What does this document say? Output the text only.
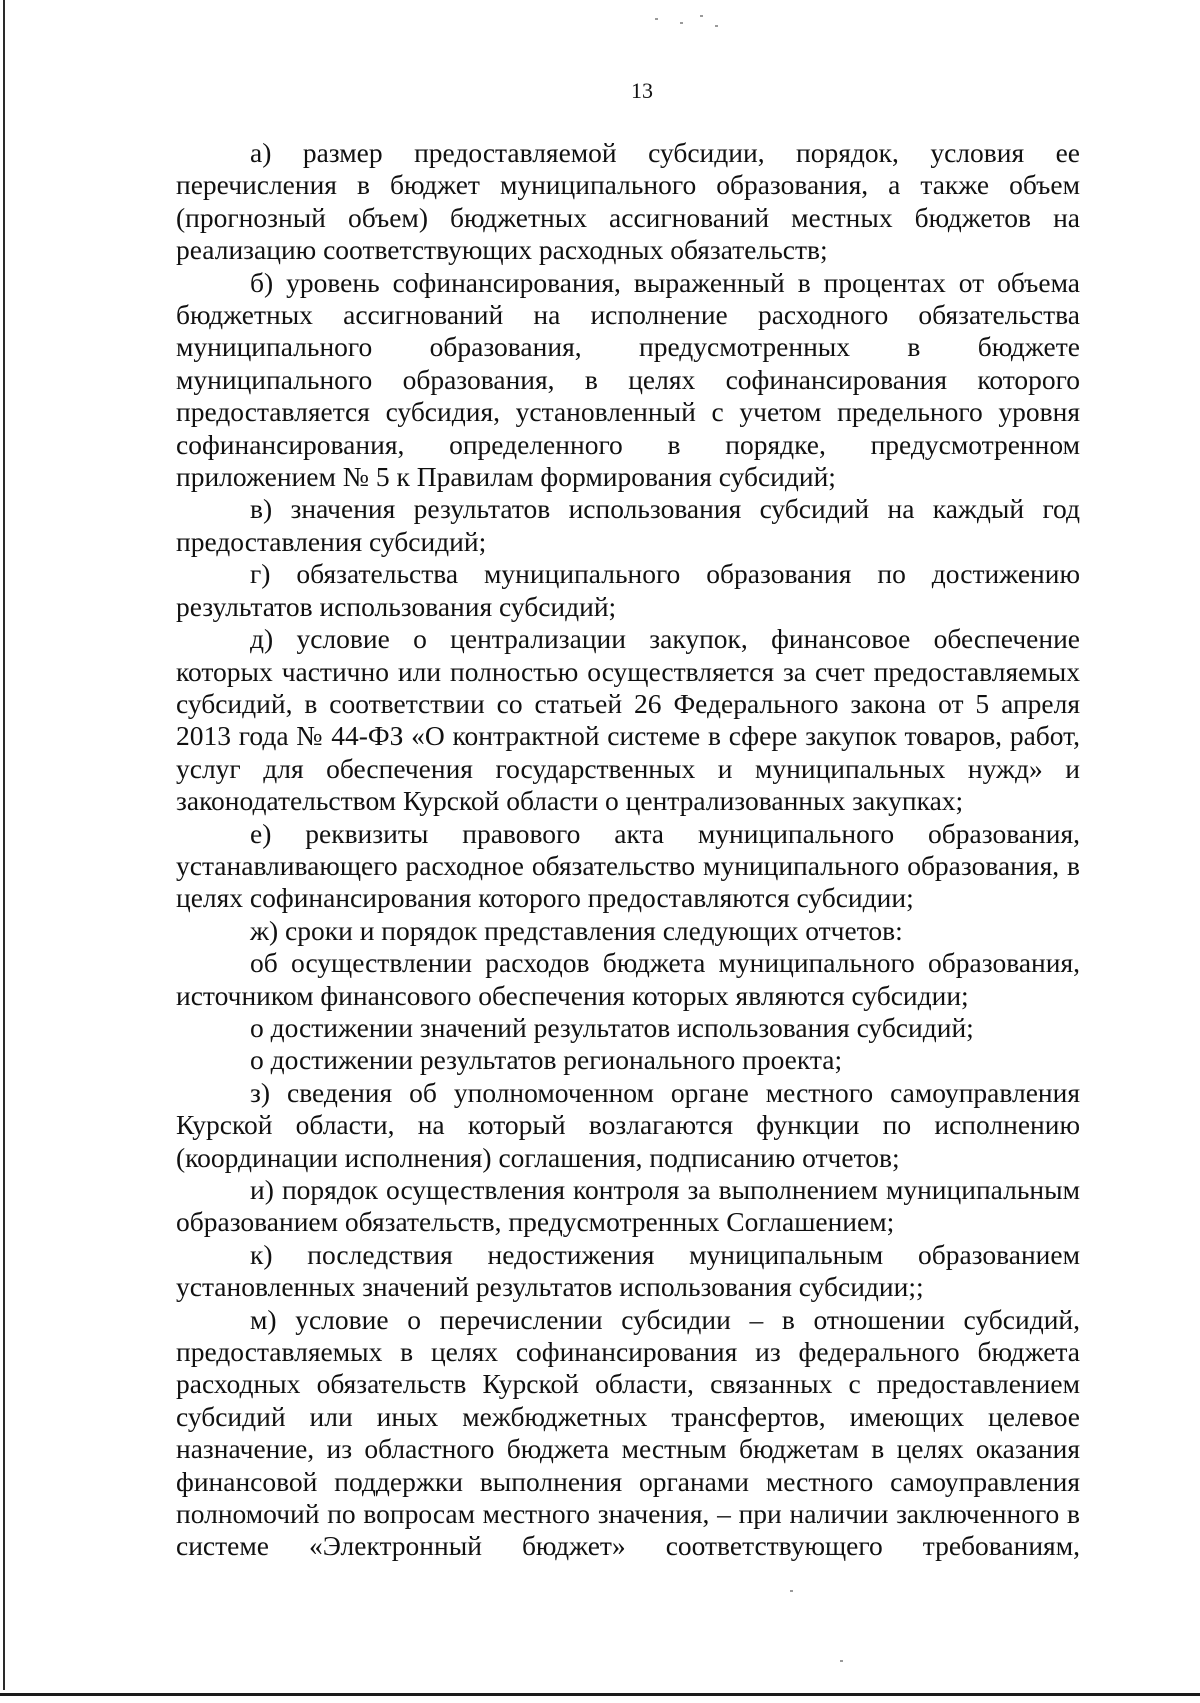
13

а) размер предоставляемой субсидии, порядок, условия ее перечисления в бюджет муниципального образования, а также объем (прогнозный объем) бюджетных ассигнований местных бюджетов на реализацию соответствующих расходных обязательств;

б) уровень софинансирования, выраженный в процентах от объема бюджетных ассигнований на исполнение расходного обязательства муниципального образования, предусмотренных в бюджете муниципального образования, в целях софинансирования которого предоставляется субсидия, установленный с учетом предельного уровня софинансирования, определенного в порядке, предусмотренном приложением № 5 к Правилам формирования субсидий;

в) значения результатов использования субсидий на каждый год предоставления субсидий;

г) обязательства муниципального образования по достижению результатов использования субсидий;

д) условие о централизации закупок, финансовое обеспечение которых частично или полностью осуществляется за счет предоставляемых субсидий, в соответствии со статьей 26 Федерального закона от 5 апреля 2013 года № 44-ФЗ «О контрактной системе в сфере закупок товаров, работ, услуг для обеспечения государственных и муниципальных нужд» и законодательством Курской области о централизованных закупках;

е) реквизиты правового акта муниципального образования, устанавливающего расходное обязательство муниципального образования, в целях софинансирования которого предоставляются субсидии;

ж) сроки и порядок представления следующих отчетов:

об осуществлении расходов бюджета муниципального образования, источником финансового обеспечения которых являются субсидии;

о достижении значений результатов использования субсидий;

о достижении результатов регионального проекта;

з) сведения об уполномоченном органе местного самоуправления Курской области, на который возлагаются функции по исполнению (координации исполнения) соглашения, подписанию отчетов;

и) порядок осуществления контроля за выполнением муниципальным образованием обязательств, предусмотренных Соглашением;

к) последствия недостижения муниципальным образованием установленных значений результатов использования субсидии;;

м) условие о перечислении субсидии – в отношении субсидий, предоставляемых в целях софинансирования из федерального бюджета расходных обязательств Курской области, связанных с предоставлением субсидий или иных межбюджетных трансфертов, имеющих целевое назначение, из областного бюджета местным бюджетам в целях оказания финансовой поддержки выполнения органами местного самоуправления полномочий по вопросам местного значения, – при наличии заключенного в системе «Электронный бюджет» соответствующего требованиям,
